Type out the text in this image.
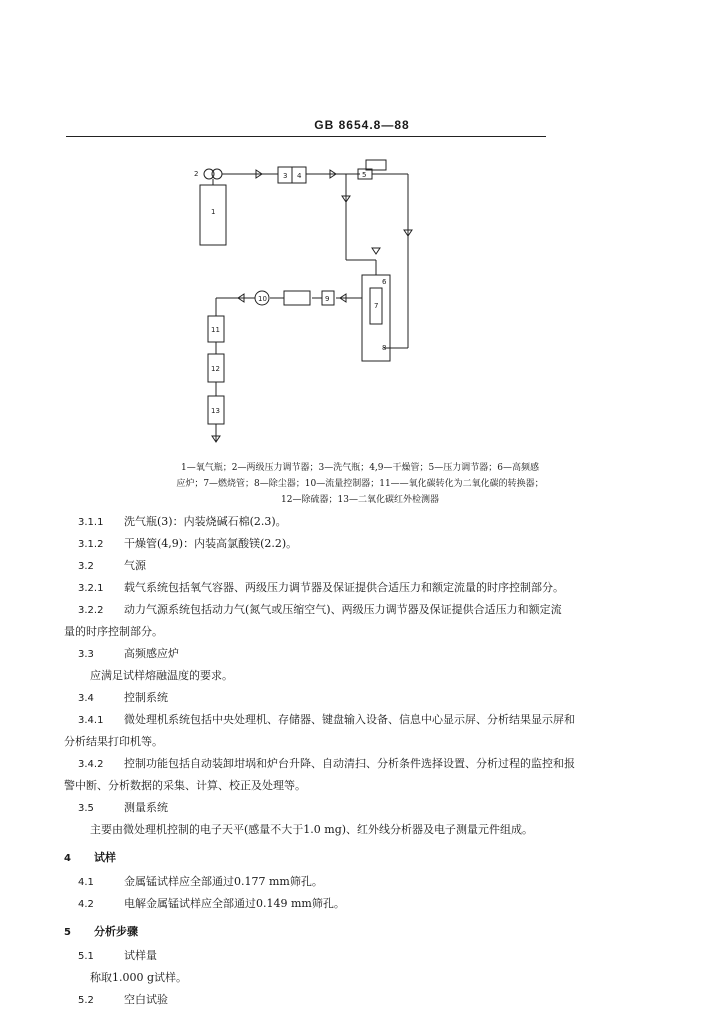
GB 8654.8—88
2
1
3 4	5
6
7
8
9
10
11
12
13
1—氧气瓶；2—两级压力调节器；3—洗气瓶；4,9—干燥管；5—压力调节器；6—高频感
应炉；7—燃烧管；8—除尘器；10—流量控制器；11——氧化碳转化为二氧化碳的转换器；
12—除硫器；13—二氧化碳红外检测器
3.1.1 洗气瓶(3)：内装烧碱石棉(2.3)。
3.1.2 干燥管(4,9)：内装高氯酸镁(2.2)。
3.2	气源
3.2.1 载气系统包括氧气容器、两级压力调节器及保证提供合适压力和额定流量的时序控制部分。
3.2.2 动力气源系统包括动力气(氮气或压缩空气)、两级压力调节器及保证提供合适压力和额定流
量的时序控制部分。
3.3	高频感应炉
应满足试样熔融温度的要求。
3.4	控制系统
3.4.1 微处理机系统包括中央处理机、存储器、键盘输入设备、信息中心显示屏、分析结果显示屏和
分析结果打印机等。
3.4.2 控制功能包括自动装卸坩埚和炉台升降、自动清扫、分析条件选择设置、分析过程的监控和报
警中断、分析数据的采集、计算、校正及处理等。
3.5	测量系统
主要由微处理机控制的电子天平(感量不大于1.0 mg)、红外线分析器及电子测量元件组成。
4 试样
4.1	金属锰试样应全部通过0.177 mm筛孔。
4.2	电解金属锰试样应全部通过0.149 mm筛孔。
5 分析步骤
5.1	试样量
称取1.000 g试样。
5.2	空白试验
